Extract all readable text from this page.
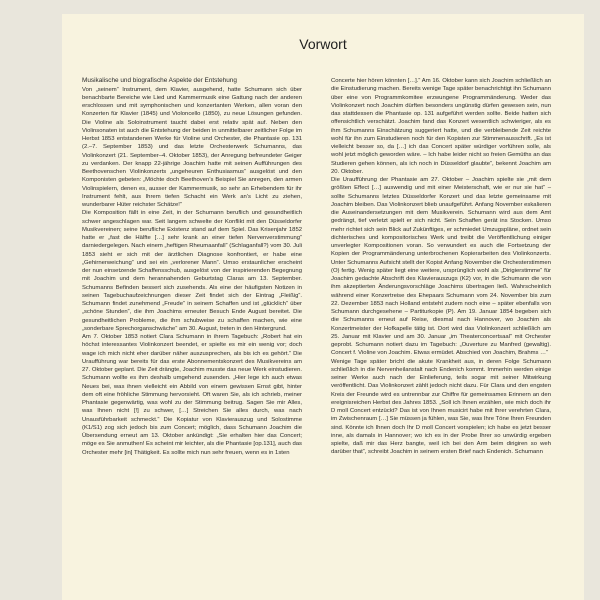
Vorwort

Musikalische und biografische Aspekte der Entstehung

Von „seinem“ Instrument, dem Klavier, ausgehend, hatte Schumann sich über benachbarte Bereiche wie Lied und Kammermusik eine Gattung nach der anderen erschlossen und mit symphonischen und konzertanten Werken, allen voran den Konzerten für Klavier (1845) und Violoncello (1850), zu neue Lösungen gefunden. Die Violine als Soloinstrument taucht dabei erst relativ spät auf. Neben den Violinsonaten ist auch die Entstehung der beiden in unmittelbarer zeitlicher Folge im Herbst 1853 entstandenen Werke für Violine und Orchester, die Phantasie op. 131 (2.–7. September 1853) und das letzte Orchesterwerk Schumanns, das Violinkonzert (21. September–4. Oktober 1853), der Anregung befreundeter Geiger zu verdanken. Der knapp 22-jährige Joachim hatte mit seinen Aufführungen des Beethovenschen Violinkonzerts „ungeheuren Enthusiasmus“ ausgelöst und den Komponisten gebeten: „Möchte doch Beethoven’s Beispiel Sie anregen, den armen Violinspielern, denen es, ausser der Kammermusik, so sehr an Erhebendem für ihr Instrument fehlt, aus Ihrem tiefen Schacht ein Werk an’s Licht zu ziehen, wunderbarer Hüter reichster Schätze!“

Die Komposition fällt in eine Zeit, in der Schumann beruflich und gesundheitlich schwer angeschlagen war. Seit langem schwelte der Konflikt mit den Düsseldorfer Musikvereinen; seine berufliche Existenz stand auf dem Spiel. Das Krisenjahr 1852 hatte er „fast die Hälfte […] sehr krank an einer tiefen Nervenverstimmung“ darniedergelegen. Nach einem „heftigen Rheumaanfall“ (Schlaganfall?) vom 30. Juli 1853 sieht er sich mit der ärztlichen Diagnose konfrontiert, er habe eine „Gehirnerweichung“ und sei ein „verlorener Mann“. Umso erstaunlicher erscheint der nun einsetzende Schaffensschub, ausgelöst von der inspirierenden Begegnung mit Joachim und dem herannahenden Geburtstag Claras am 13. September. Schumanns Befinden bessert sich zusehends. Als eine der häufigsten Notizen in seinen Tagebuchaufzeichnungen dieser Zeit findet sich der Eintrag „Fleißig“. Schumann findet zunehmend „Freude“ in seinem Schaffen und ist „glücklich“ über „schöne Stunden“, die ihm Joachims erneuter Besuch Ende August bereitet. Die gesundheitlichen Probleme, die ihm schubweise zu schaffen machen, wie eine „sonderbare Sprechorganschwäche“ am 30. August, treten in den Hintergrund.

Am 7. Oktober 1853 notiert Clara Schumann in ihrem Tagebuch: „Robert hat ein höchst interessantes Violinkonzert beendet, er spielte es mir ein wenig vor; doch wage ich mich nicht eher darüber näher auszusprechen, als bis ich es gehört.“ Die Uraufführung war bereits für das erste Abonnementskonzert des Musikvereins am 27. Oktober geplant. Die Zeit drängte, Joachim musste das neue Werk einstudieren. Schumann wollte es ihm deshalb umgehend zusenden. „Hier lege ich auch etwas Neues bei, was ihnen vielleicht ein Abbild von einem gewissen Ernst gibt, hinter dem oft eine fröhliche Stimmung hervorsieht. Oft waren Sie, als ich schrieb, meiner Phantasie gegenwärtig, was wohl zu der Stimmung beitrug. Sagen Sie mir Alles, was Ihnen nicht [!] zu schwer, […] Streichen Sie alles durch, was nach Unausführbarkeit schmeckt.“ Die Kopiatur von Klavierauszug und Solostimme (K1/S1) zog sich jedoch bis zum Concert; möglich, dass Schumann Joachim die Übersendung erneut am 13. Oktober ankündigt: „Sie erhalten hier das Concert; möge es Sie anmuthen! Es scheint mir leichter, als die Phantasie [op.131], auch das Orchester mehr [in] Thätigkeit. Es sollte mich nun sehr freuen, wenn es in 1sten

Concerte hier hören könnten […].“ Am 16. Oktober kann sich Joachim schließlich an die Einstudierung machen. Bereits wenige Tage später benachrichtigt ihn Schumann über eine von Programmkomitee erzwungene Programmänderung. Weder das Violinkonzert noch Joachim dürften besonders ungünstig dürfen gewesen sein, nun das stattdessen die Phantasie op. 131 aufgeführt werden sollte. Beide hatten sich offensichtlich verschätzt. Joachim fand das Konzert wesentlich schwieriger, als es ihm Schumanns Einschätzung suggeriert hatte, und die verbleibende Zeit reichte wohl für ihn zum Einstudieren noch für den Kopisten zur Stimmenausschrift. „Es ist vielleicht besser so, da […] ich das Concert später würdiger vorführen solle, als wohl jetzt möglich geworden wäre. – Ich habe leider nicht so freien Gemüths an das Studieren gehen können, als ich noch in Düsseldorf glaubte“, bekennt Joachim am 20. Oktober.

Die Uraufführung der Phantasie am 27. Oktober – Joachim spielte sie „mit dem größten Effect […] auswendig und mit einer Meisterschaft, wie er nur sie hat“ – sollte Schumanns letztes Düsseldorfer Konzert und das letzte gemeinsame mit Joachim bleiben. Das Violinkonzert blieb unaufgeführt. Anfang November eskalieren die Auseinandersetzungen mit dem Musikverein. Schumann wird aus dem Amt gedrängt, tief verletzt spielt er sich nicht. Sein Schaffen gerät ins Stocken. Umso mehr richtet sich sein Blick auf Zukünftiges, er schmiedet Umzugspläne, ordnet sein dichterisches und kompositorisches Werk und treibt die Veröffentlichung einiger unverlegter Kompositionen voran. So verwundert es auch die Fortsetzung der Kopien der Programmänderung unterbrochenen Kopierarbeiten des Violinkonzerts. Unter Schumanns Aufsicht stellt der Kopist Anfang November die Orchesterstimmen (O) fertig. Wenig später liegt eine weitere, ursprünglich wohl als „Dirigierstimme“ für Joachim gedachte Abschrift des Klavierauszugs (K2) vor, in die Schumann die von ihm akzeptierten Änderungsvorschläge Joachims übertragen ließ. Wahrscheinlich während einer Konzertreise des Ehepaars Schumann vom 24. November bis zum 22. Dezember 1853 nach Holland entsteht zudem noch eine – später ebenfalls von Schumann durchgesehene – Partiturkopie (P). Am 19. Januar 1854 begeben sich die Schumanns erneut auf Reise, diesmal nach Hannover, wo Joachim als Konzertmeister der Hofkapelle tätig ist. Dort wird das Violinkonzert schließlich am 25. Januar mit Klavier und am 30. Januar „im Theaterconcertsaal“ mit Orchester geprobt. Schumann notiert dazu im Tagebuch: „Ouverture zu Manfred (gewaltig). Concert f. Violine von Joachim. Etwas ermüdet. Abschied von Joachim, Brahms …“

Wenige Tage später bricht die akute Krankheit aus, in deren Folge Schumann schließlich in die Nervenheilanstalt nach Endenich kommt. Immerhin werden einige seiner Werke auch nach der Einlieferung, teils sogar mit seiner Mitwirkung veröffentlicht. Das Violinkonzert zählt jedoch nicht dazu. Für Clara und den engsten Kreis der Freunde wird es untrennbar zur Chiffre für gemeinsames Erinnern an den ereignisreichen Herbst des Jahres 1853. „Soll ich Ihnen erzählen, wie mich doch ihr D moll Concert entzückt? Das ist von Ihnen musicirt habe mit Ihrer verehrten Clara, im Zwischenraum […] Sie müssen ja fühlen, was Sie, was Ihre Töne Ihren Freunden sind. Könnte ich Ihnen doch Ihr D moll Concert vorspielen; ich habe es jetzt besser inne, als damals in Hannover; wo ich es in der Probe Ihrer so unwürdig ergeben spielte, daß mir das Herz bangte, weil ich bei den Arm beim dirigiren so weh darüber that“, schreibt Joachim in seinem ersten Brief nach Endenich. Schumann
